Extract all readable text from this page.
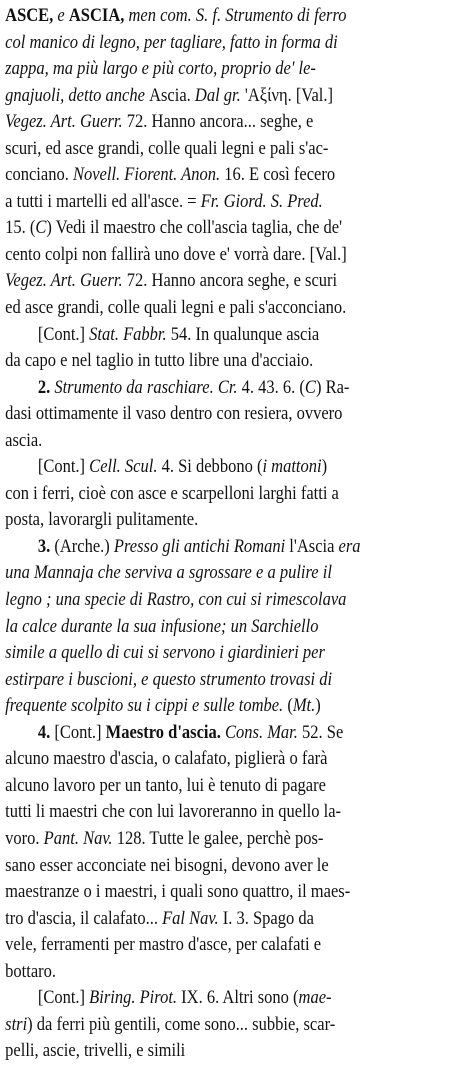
ASCE, e ASCIA, men com. S. f. Strumento di ferro
col manico di legno, per tagliare, fatto in forma di
zappa, ma più largo e più corto, proprio de' le-
gnajuoli, detto anche Ascia. Dal gr. 'Αξίνη. [Val.]
Vegez. Art. Guerr. 72. Hanno ancora... seghe, e
scuri, ed asce grandi, colle quali legni e pali s'ac-
conciano. Novell. Fiorent. Anon. 16. E così fecero
a tutti i martelli ed all'asce. = Fr. Giord. S. Pred.
15. (C) Vedi il maestro che coll'ascia taglia, che de'
cento colpi non fallirà uno dove e' vorrà dare. [Val.]
Vegez. Art. Guerr. 72. Hanno ancora seghe, e scuri
ed asce grandi, colle quali legni e pali s'acconciano.
[Cont.] Stat. Fabbr. 54. In qualunque ascia
da capo e nel taglio in tutto libre una d'acciaio.
2. Strumento da raschiare. Cr. 4. 43. 6. (C) Ra-
dasi ottimamente il vaso dentro con resiera, ovvero
ascia.
[Cont.] Cell. Scul. 4. Si debbono (i mattoni)
con i ferri, cioè con asce e scarpelloni larghi fatti a
posta, lavorargli pulitamente.
3. (Arche.) Presso gli antichi Romani l'Ascia era
una Mannaja che serviva a sgrossare e a pulire il
legno ; una specie di Rastro, con cui si rimescolava
la calce durante la sua infusione; un Sarchiello
simile a quello di cui si servono i giardinieri per
estirpare i buscioni, e questo strumento trovasi di
frequente scolpito su i cippi e sulle tombe. (Mt.)
4. [Cont.] Maestro d'ascia. Cons. Mar. 52. Se
alcuno maestro d'ascia, o calafato, piglierà o farà
alcuno lavoro per un tanto, lui è tenuto di pagare
tutti li maestri che con lui lavoreranno in quello la-
voro. Pant. Nav. 128. Tutte le galee, perchè pos-
sano esser acconciate nei bisogni, devono aver le
maestranze o i maestri, i quali sono quattro, il maes-
tro d'ascia, il calafato... Fal Nav. I. 3. Spago da
vele, ferramenti per mastro d'asce, per calafati e
bottaro.
[Cont.] Biring. Pirot. IX. 6. Altri sono (mae-
stri) da ferri più gentili, come sono... subbie, scar-
pelli, ascie, trivelli, e simili
